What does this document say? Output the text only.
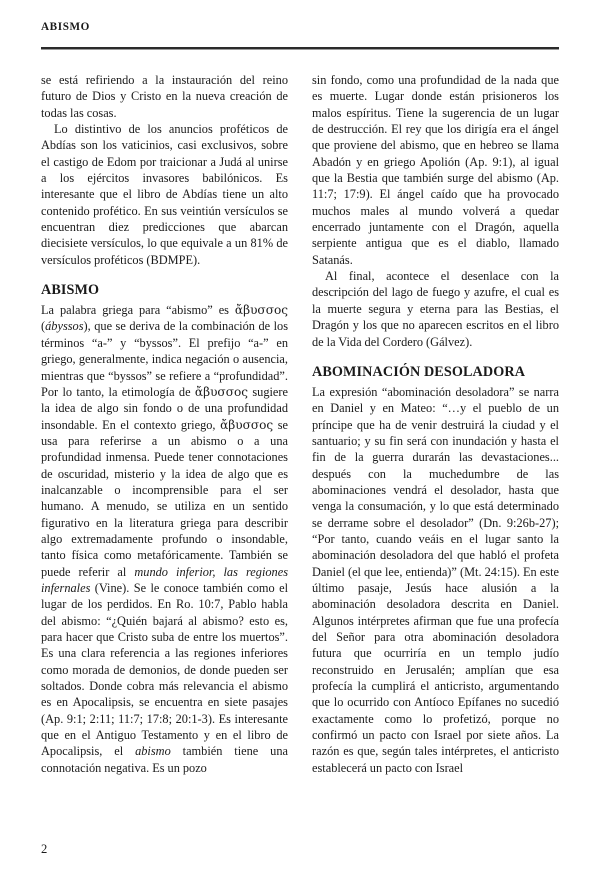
ABISMO

se está refiriendo a la instauración del reino futuro de Dios y Cristo en la nueva creación de todas las cosas.

Lo distintivo de los anuncios proféticos de Abdías son los vaticinios, casi exclusivos, sobre el castigo de Edom por traicionar a Judá al unirse a los ejércitos invasores babilónicos. Es interesante que el libro de Abdías tiene un alto contenido profético. En sus veintiún versículos se encuentran diez predicciones que abarcan diecisiete versículos, lo que equivale a un 81% de versículos proféticos (BDMPE).

ABISMO

La palabra griega para “abismo” es ἄβυσσος (ábyssos), que se deriva de la combinación de los términos “a-” y “byssos”. El prefijo “a-” en griego, generalmente, indica negación o ausencia, mientras que “byssos” se refiere a “profundidad”. Por lo tanto, la etimología de ἄβυσσος sugiere la idea de algo sin fondo o de una profundidad insondable. En el contexto griego, ἄβυσσος se usa para referirse a un abismo o a una profundidad inmensa. Puede tener connotaciones de oscuridad, misterio y la idea de algo que es inalcanzable o incomprensible para el ser humano. A menudo, se utiliza en un sentido figurativo en la literatura griega para describir algo extremadamente profundo o insondable, tanto física como metafóricamente. También se puede referir al mundo inferior, las regiones infernales (Vine). Se le conoce también como el lugar de los perdidos. En Ro. 10:7, Pablo habla del abismo: “¿Quién bajará al abismo? esto es, para hacer que Cristo suba de entre los muertos”. Es una clara referencia a las regiones inferiores como morada de demonios, de donde pueden ser soltados. Donde cobra más relevancia el abismo es en Apocalipsis, se encuentra en siete pasajes (Ap. 9:1; 2:11; 11:7; 17:8; 20:1-3). Es interesante que en el Antiguo Testamento y en el libro de Apocalipsis, el abismo también tiene una connotación negativa. Es un pozo

sin fondo, como una profundidad de la nada que es muerte. Lugar donde están prisioneros los malos espíritus. Tiene la sugerencia de un lugar de destrucción. El rey que los dirigía era el ángel que proviene del abismo, que en hebreo se llama Abadón y en griego Apolión (Ap. 9:1), al igual que la Bestia que también surge del abismo (Ap. 11:7; 17:9). El ángel caído que ha provocado muchos males al mundo volverá a quedar encerrado juntamente con el Dragón, aquella serpiente antigua que es el diablo, llamado Satanás.

Al final, acontece el desenlace con la descripción del lago de fuego y azufre, el cual es la muerte segura y eterna para las Bestias, el Dragón y los que no aparecen escritos en el libro de la Vida del Cordero (Gálvez).

ABOMINACIÓN DESOLADORA

La expresión “abominación desoladora” se narra en Daniel y en Mateo: “…y el pueblo de un príncipe que ha de venir destruirá la ciudad y el santuario; y su fin será con inundación y hasta el fin de la guerra durarán las devastaciones... después con la muchedumbre de las abominaciones vendrá el desolador, hasta que venga la consumación, y lo que está determinado se derrame sobre el desolador” (Dn. 9:26b-27); “Por tanto, cuando veáis en el lugar santo la abominación desoladora del que habló el profeta Daniel (el que lee, entienda)” (Mt. 24:15). En este último pasaje, Jesús hace alusión a la abominación desoladora descrita en Daniel. Algunos intérpretes afirman que fue una profecía del Señor para otra abominación desoladora futura que ocurriría en un templo judío reconstruido en Jerusalén; amplían que esa profecía la cumplirá el anticristo, argumentando que lo ocurrido con Antíoco Epífanes no sucedió exactamente como lo profetizó, porque no confirmó un pacto con Israel por siete años. La razón es que, según tales intérpretes, el anticristo establecerá un pacto con Israel

2
